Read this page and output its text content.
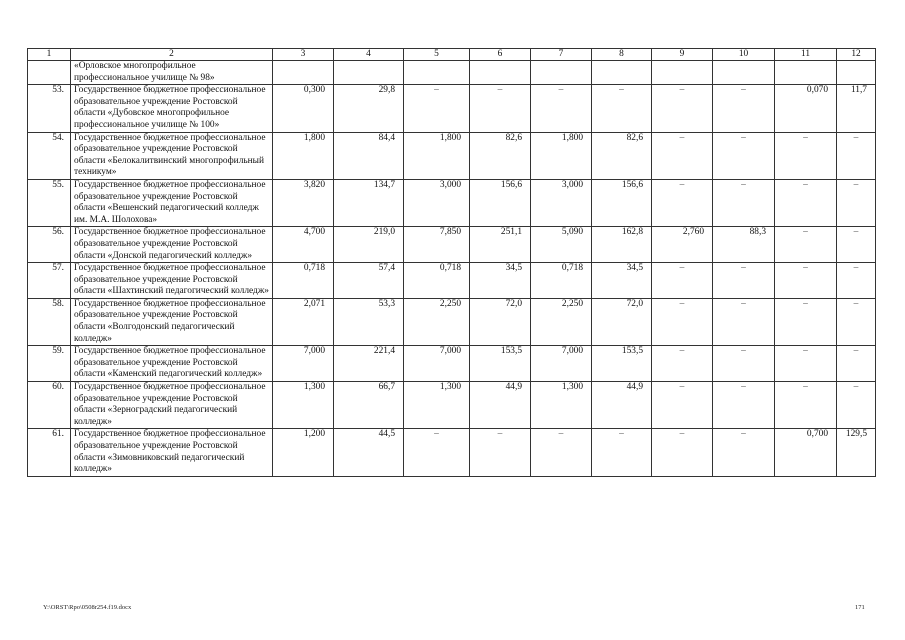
1	2	3	4	5	6	7	8	9	10	11	12
	«Орловское многопрофильное профессиональное училище № 98»										
53.	Государственное бюджетное профессиональное образовательное учреждение Ростовской области «Дубовское многопрофильное профессиональное училище № 100»	0,300	29,8	–	–	–	–	–	–	0,070	11,7
54.	Государственное бюджетное профессиональное образовательное учреждение Ростовской области «Белокалитвинский многопрофильный техникум»	1,800	84,4	1,800	82,6	1,800	82,6	–	–	–	–
55.	Государственное бюджетное профессиональное образовательное учреждение Ростовской области «Вешенский педагогический колледж им. М.А. Шолохова»	3,820	134,7	3,000	156,6	3,000	156,6	–	–	–	–
56.	Государственное бюджетное профессиональное образовательное учреждение Ростовской области «Донской педагогический колледж»	4,700	219,0	7,850	251,1	5,090	162,8	2,760	88,3	–	–
57.	Государственное бюджетное профессиональное образовательное учреждение Ростовской области «Шахтинский педагогический колледж»	0,718	57,4	0,718	34,5	0,718	34,5	–	–	–	–
58.	Государственное бюджетное профессиональное образовательное учреждение Ростовской области «Волгодонский педагогический колледж»	2,071	53,3	2,250	72,0	2,250	72,0	–	–	–	–
59.	Государственное бюджетное профессиональное образовательное учреждение Ростовской области «Каменский педагогический колледж»	7,000	221,4	7,000	153,5	7,000	153,5	–	–	–	–
60.	Государственное бюджетное профессиональное образовательное учреждение Ростовской области «Зерноградский педагогический колледж»	1,300	66,7	1,300	44,9	1,300	44,9	–	–	–	–
61.	Государственное бюджетное профессиональное образовательное учреждение Ростовской области «Зимовниковский педагогический колледж»	1,200	44,5	–	–	–	–	–	–	0,700	129,5
Y:\ORST\Rpo\0508r254.f19.docx	171
